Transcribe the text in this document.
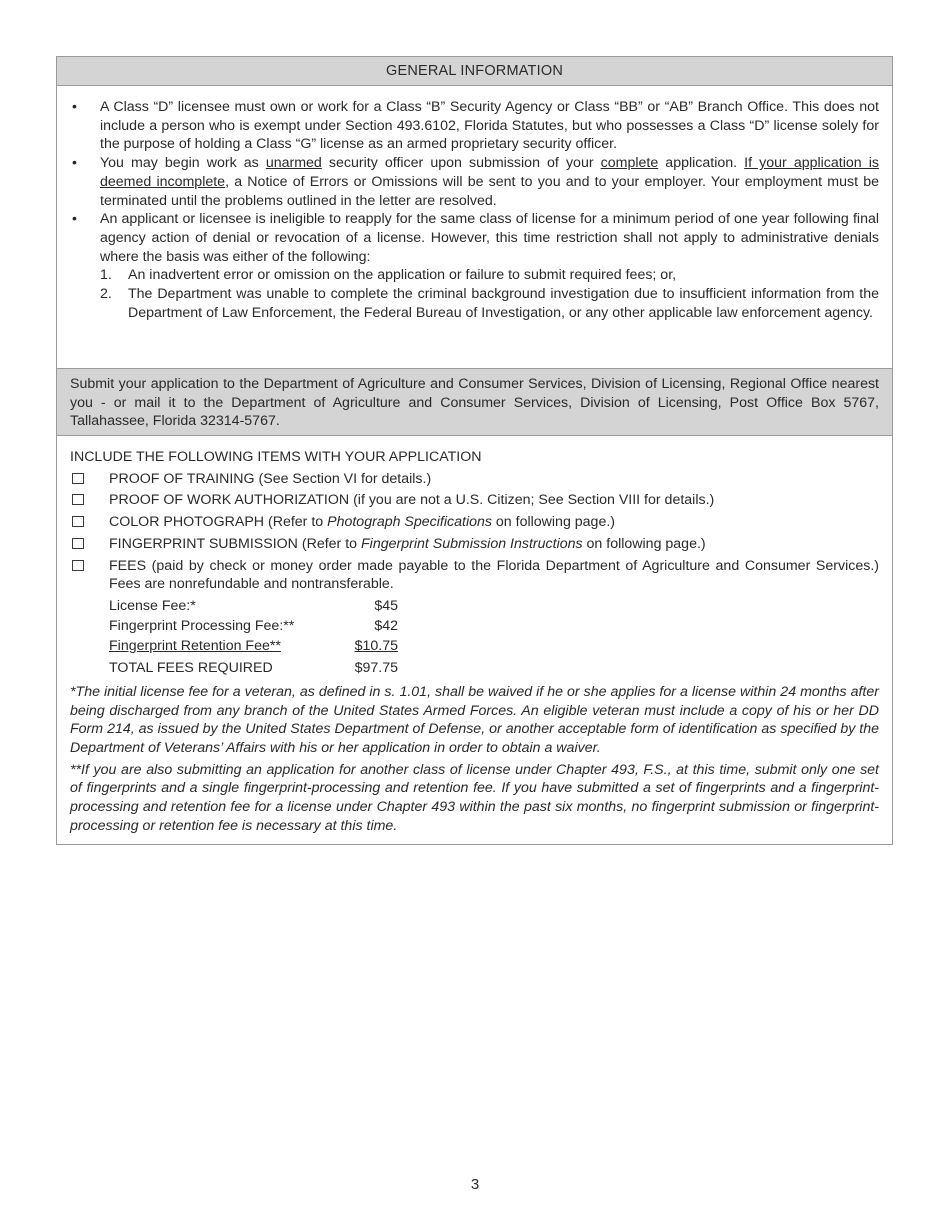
GENERAL INFORMATION
• A Class “D” licensee must own or work for a Class “B” Security Agency or Class “BB” or “AB” Branch Office. This does not include a person who is exempt under Section 493.6102, Florida Statutes, but who possesses a Class “D” license solely for the purpose of holding a Class “G” license as an armed proprietary security officer.
• You may begin work as unarmed security officer upon submission of your complete application. If your application is deemed incomplete, a Notice of Errors or Omissions will be sent to you and to your employer. Your employment must be terminated until the problems outlined in the letter are resolved.
• An applicant or licensee is ineligible to reapply for the same class of license for a minimum period of one year following final agency action of denial or revocation of a license. However, this time restriction shall not apply to administrative denials where the basis was either of the following:
1. An inadvertent error or omission on the application or failure to submit required fees; or,
2. The Department was unable to complete the criminal background investigation due to insufficient information from the Department of Law Enforcement, the Federal Bureau of Investigation, or any other applicable law enforcement agency.
Submit your application to the Department of Agriculture and Consumer Services, Division of Licensing, Regional Office nearest you - or mail it to the Department of Agriculture and Consumer Services, Division of Licensing, Post Office Box 5767, Tallahassee, Florida 32314-5767.
INCLUDE THE FOLLOWING ITEMS WITH YOUR APPLICATION
PROOF OF TRAINING (See Section VI for details.)
PROOF OF WORK AUTHORIZATION (if you are not a U.S. Citizen; See Section VIII for details.)
COLOR PHOTOGRAPH (Refer to Photograph Specifications on following page.)
FINGERPRINT SUBMISSION (Refer to Fingerprint Submission Instructions on following page.)
FEES (paid by check or money order made payable to the Florida Department of Agriculture and Consumer Services.) Fees are nonrefundable and nontransferable.
License Fee:*	$45
Fingerprint Processing Fee:**	$42
Fingerprint Retention Fee**	$10.75
TOTAL FEES REQUIRED	$97.75
*The initial license fee for a veteran, as defined in s. 1.01, shall be waived if he or she applies for a license within 24 months after being discharged from any branch of the United States Armed Forces. An eligible veteran must include a copy of his or her DD Form 214, as issued by the United States Department of Defense, or another acceptable form of identification as specified by the Department of Veterans’ Affairs with his or her application in order to obtain a waiver.
**If you are also submitting an application for another class of license under Chapter 493, F.S., at this time, submit only one set of fingerprints and a single fingerprint-processing and retention fee. If you have submitted a set of fingerprints and a fingerprint-processing and retention fee for a license under Chapter 493 within the past six months, no fingerprint submission or fingerprint-processing or retention fee is necessary at this time.
3
